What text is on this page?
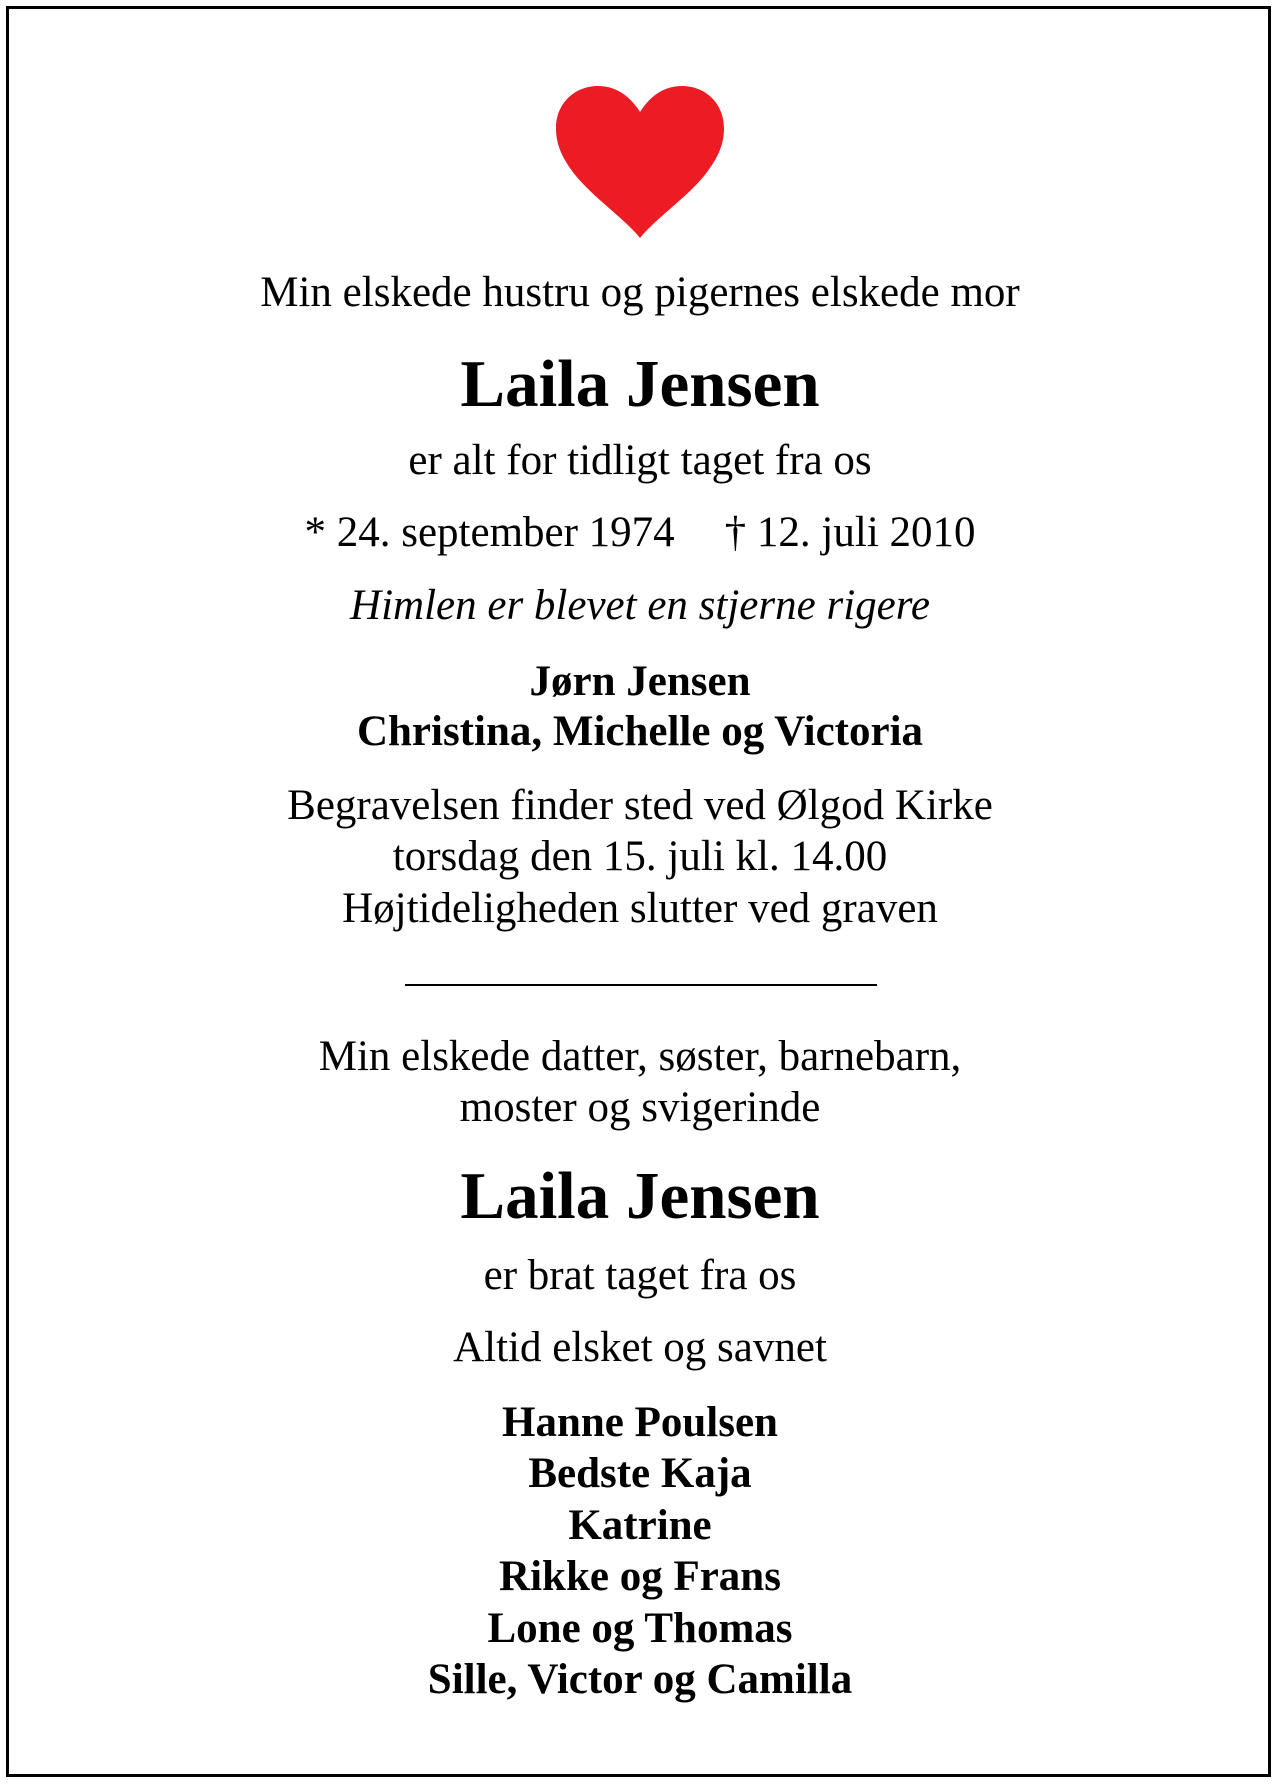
Min elskede hustru og pigernes elskede mor
Laila Jensen
er alt for tidligt taget fra os
* 24. september 1974 † 12. juli 2010
Himlen er blevet en stjerne rigere
Jørn Jensen
Christina, Michelle og Victoria
Begravelsen finder sted ved Ølgod Kirke
torsdag den 15. juli kl. 14.00
Højtideligheden slutter ved graven
Min elskede datter, søster, barnebarn,
moster og svigerinde
Laila Jensen
er brat taget fra os
Altid elsket og savnet
Hanne Poulsen
Bedste Kaja
Katrine
Rikke og Frans
Lone og Thomas
Sille, Victor og Camilla
